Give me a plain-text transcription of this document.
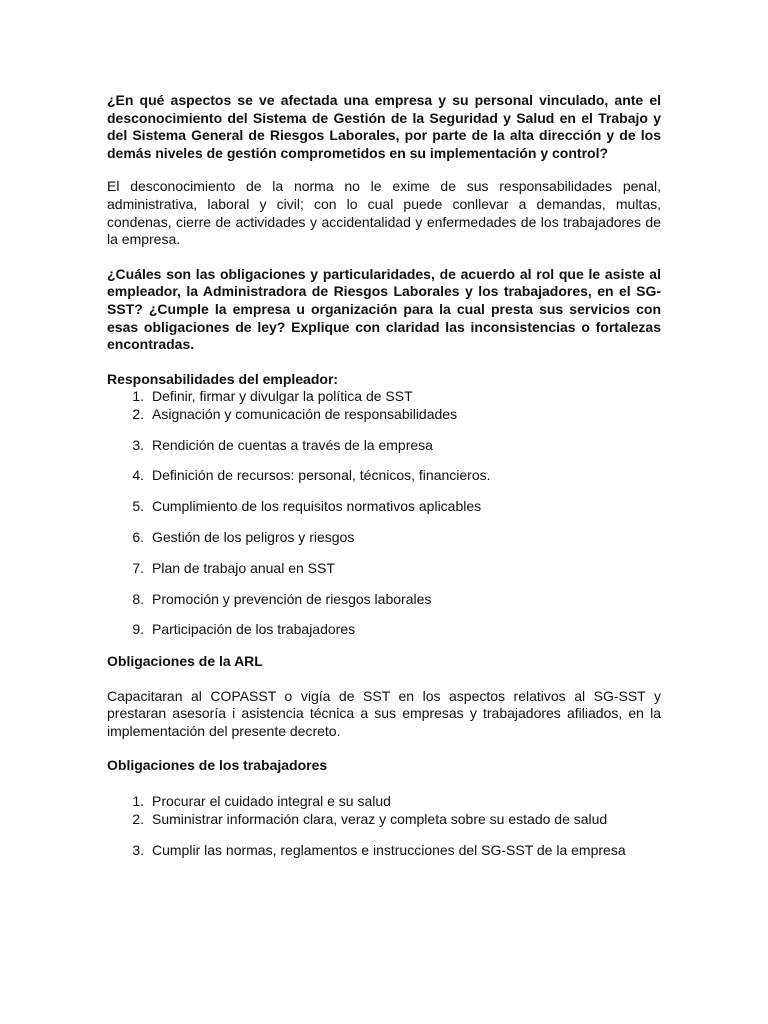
¿En qué aspectos se ve afectada una empresa y su personal vinculado, ante el desconocimiento del Sistema de Gestión de la Seguridad y Salud en el Trabajo y del Sistema General de Riesgos Laborales, por parte de la alta dirección y de los demás niveles de gestión comprometidos en su implementación y control?

El desconocimiento de la norma no le exime de sus responsabilidades penal, administrativa, laboral y civil; con lo cual puede conllevar a demandas, multas, condenas, cierre de actividades y accidentalidad y enfermedades de los trabajadores de la empresa.

¿Cuáles son las obligaciones y particularidades, de acuerdo al rol que le asiste al empleador, la Administradora de Riesgos Laborales y los trabajadores, en el SG-SST? ¿Cumple la empresa u organización para la cual presta sus servicios con esas obligaciones de ley? Explique con claridad las inconsistencias o fortalezas encontradas.

Responsabilidades del empleador:

1. Definir, firmar y divulgar la política de SST
2. Asignación y comunicación de responsabilidades
3. Rendición de cuentas a través de la empresa
4. Definición de recursos: personal, técnicos, financieros.
5. Cumplimiento de los requisitos normativos aplicables
6. Gestión de los peligros y riesgos
7. Plan de trabajo anual en SST
8. Promoción y prevención de riesgos laborales
9. Participación de los trabajadores

Obligaciones de la ARL

Capacitaran al COPASST o vigía de SST en los aspectos relativos al SG-SST y prestaran asesoría i asistencia técnica a sus empresas y trabajadores afiliados, en la implementación del presente decreto.

Obligaciones de los trabajadores

1. Procurar el cuidado integral e su salud
2. Suministrar información clara, veraz y completa sobre su estado de salud
3. Cumplir las normas, reglamentos e instrucciones del SG-SST de la empresa
